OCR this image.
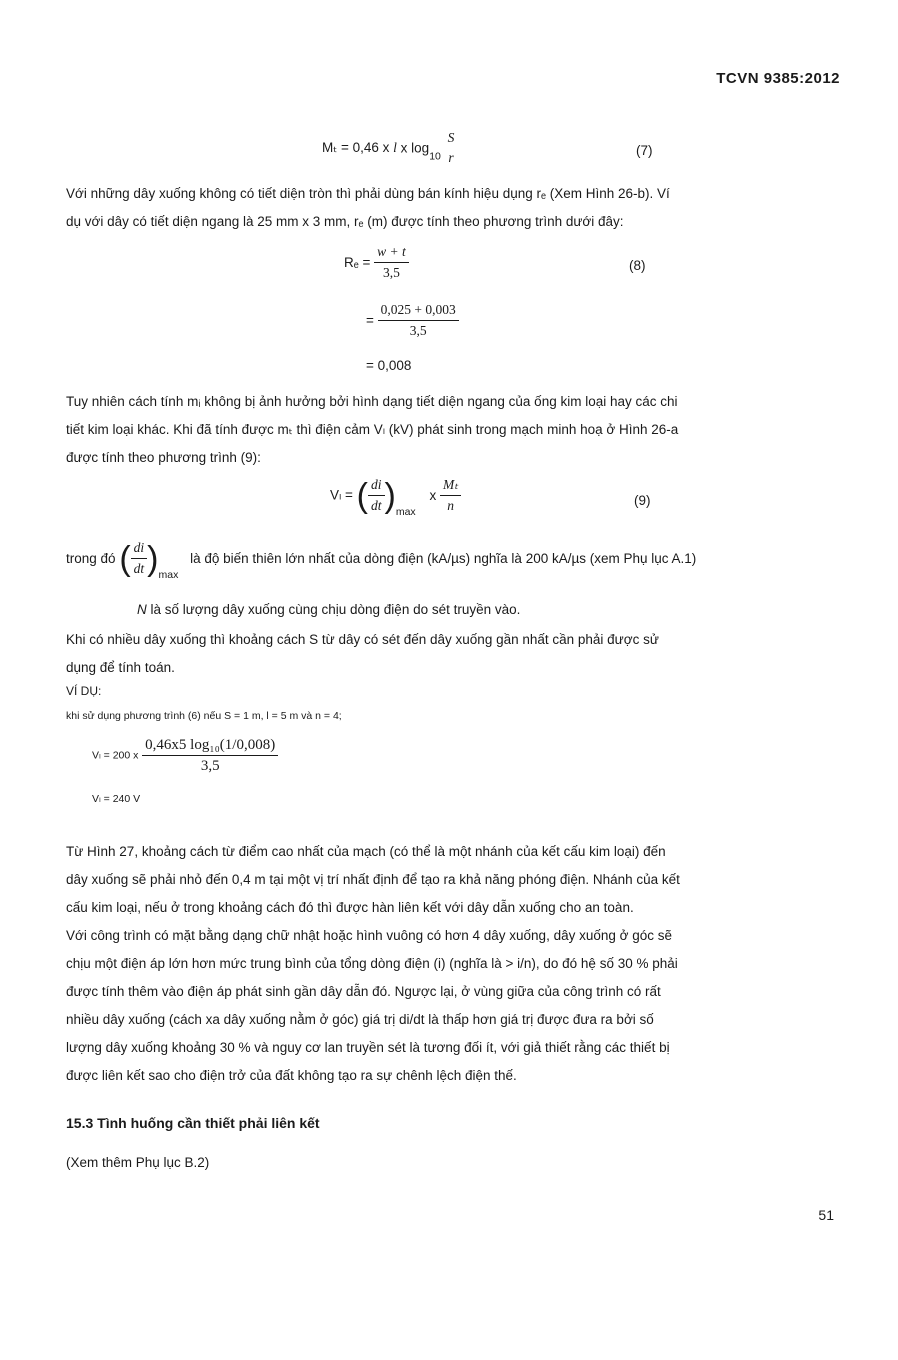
TCVN 9385:2012
Mₜ = 0,46 x l x $\log_{10}$
S
r	(7)
Với những dây xuống không có tiết diện tròn thì phải dùng bán kính hiệu dụng rₑ (Xem Hình 26-b). Ví
dụ với dây có tiết diện ngang là 25 mm x 3 mm, rₑ (m) được tính theo phương trình dưới đây:
$R_e = \frac{w + t}{3,5}$	(8)
= $\frac{0,025 + 0,003}{3,5}$
= 0,008
Tuy nhiên cách tính mᵢ không bị ảnh hưởng bởi hình dạng tiết diện ngang của ống kim loại hay các chi
tiết kim loại khác. Khi đã tính được mₜ thì điện cảm Vₗ (kV) phát sinh trong mạch minh hoạ ở Hình 26-a
được tính theo phương trình (9):
Vₗ = ( $\frac{di}{dt} )_{max}$ x $\frac{\text{Mₜ}}{n}$	(9)
trong đó ( $\frac{di}{dt} )_{max}$ là độ biến thiên lớn nhất của dòng điện (kA/µs) nghĩa là 200 kA/µs (xem Phụ lục A.1)
N là số lượng dây xuống cùng chịu dòng điện do sét truyền vào.
Khi có nhiều dây xuống thì khoảng cách S từ dây có sét đến dây xuống gần nhất cần phải được sử
dụng để tính toán.
VÍ DỤ:
khi sử dụng phương trình (6) nếu S = 1 m, l = 5 m và n = 4;
Vₗ = 200 x $\frac{\text{0,46x5 log₁₀(1/0,008)}}{3,5}$
Vₗ = 240 V
Từ Hình 27, khoảng cách từ điểm cao nhất của mạch (có thể là một nhánh của kết cấu kim loại) đến
dây xuống sẽ phải nhỏ đến 0,4 m tại một vị trí nhất định để tạo ra khả năng phóng điện. Nhánh của kết
cấu kim loại, nếu ở trong khoảng cách đó thì được hàn liên kết với dây dẫn xuống cho an toàn.
Với công trình có mặt bằng dạng chữ nhật hoặc hình vuông có hơn 4 dây xuống, dây xuống ở góc sẽ
chịu một điện áp lớn hơn mức trung bình của tổng dòng điện (i) (nghĩa là > i/n), do đó hệ số 30 % phải
được tính thêm vào điện áp phát sinh gần dây dẫn đó. Ngược lại, ở vùng giữa của công trình có rất
nhiều dây xuống (cách xa dây xuống nằm ở góc) giá trị di/dt là thấp hơn giá trị được đưa ra bởi số
lượng dây xuống khoảng 30 % và nguy cơ lan truyền sét là tương đối ít, với giả thiết rằng các thiết bị
được liên kết sao cho điện trở của đất không tạo ra sự chênh lệch điện thế.
15.3 Tình huống cần thiết phải liên kết
(Xem thêm Phụ lục B.2)
51
